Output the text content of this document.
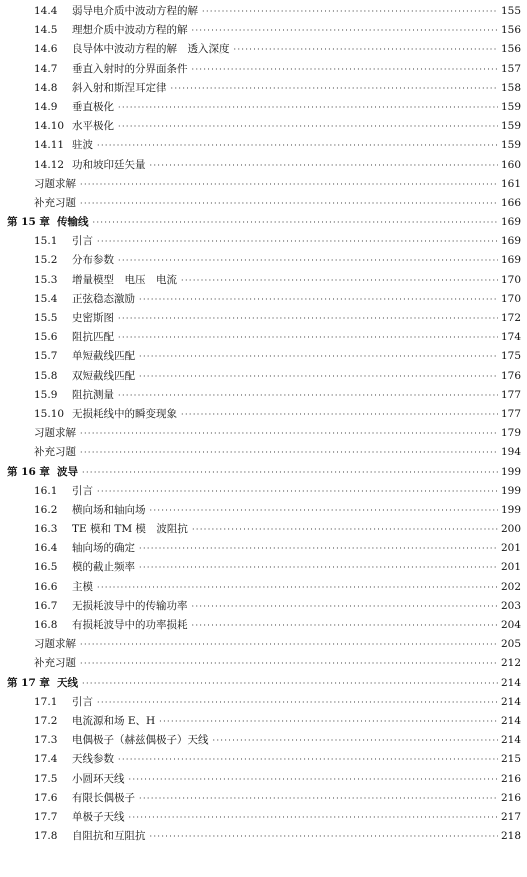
14.4	弱导电介质中波动方程的解 ·····	155
14.5	理想介质中波动方程的解 ·····	156
14.6	良导体中波动方程的解　透入深度 ·····	156
14.7	垂直入射时的分界面条件 ·····	157
14.8	斜入射和斯涅耳定律 ·····	158
14.9	垂直极化 ·····	159
14.10 水平极化 ·····	159
14.11 驻波 ·····	159
14.12 功和坡印廷矢量 ·····	160
习题求解 ·····	161
补充习题 ·····	166
第 15 章 传输线 ·····	169
15.1	引言 ·····	169
15.2	分布参数 ·····	169
15.3	增量模型　电压　电流 ·····	170
15.4	正弦稳态激励 ·····	170
15.5	史密斯图 ·····	172
15.6	阻抗匹配 ·····	174
15.7	单短截线匹配 ·····	175
15.8	双短截线匹配 ·····	176
15.9	阻抗测量 ·····	177
15.10 无损耗线中的瞬变现象 ·····	177
习题求解 ·····	179
补充习题 ·····	194
第 16 章 波导 ·····	199
16.1	引言 ·····	199
16.2	横向场和轴向场 ·····	199
16.3	TE 模和 TM 模　波阻抗 ·····	200
16.4	轴向场的确定 ·····	201
16.5	模的截止频率 ·····	201
16.6	主模 ·····	202
16.7	无损耗波导中的传输功率 ·····	203
16.8	有损耗波导中的功率损耗 ·····	204
习题求解 ·····	205
补充习题 ·····	212
第 17 章 天线 ·····	214
17.1	引言 ·····	214
17.2	电流源和场 E、H ·····	214
17.3	电偶极子（赫兹偶极子）天线 ·····	214
17.4	天线参数 ·····	215
17.5	小圆环天线 ·····	216
17.6	有限长偶极子 ·····	216
17.7	单极子天线 ·····	217
17.8	自阻抗和互阻抗 ·····	218
